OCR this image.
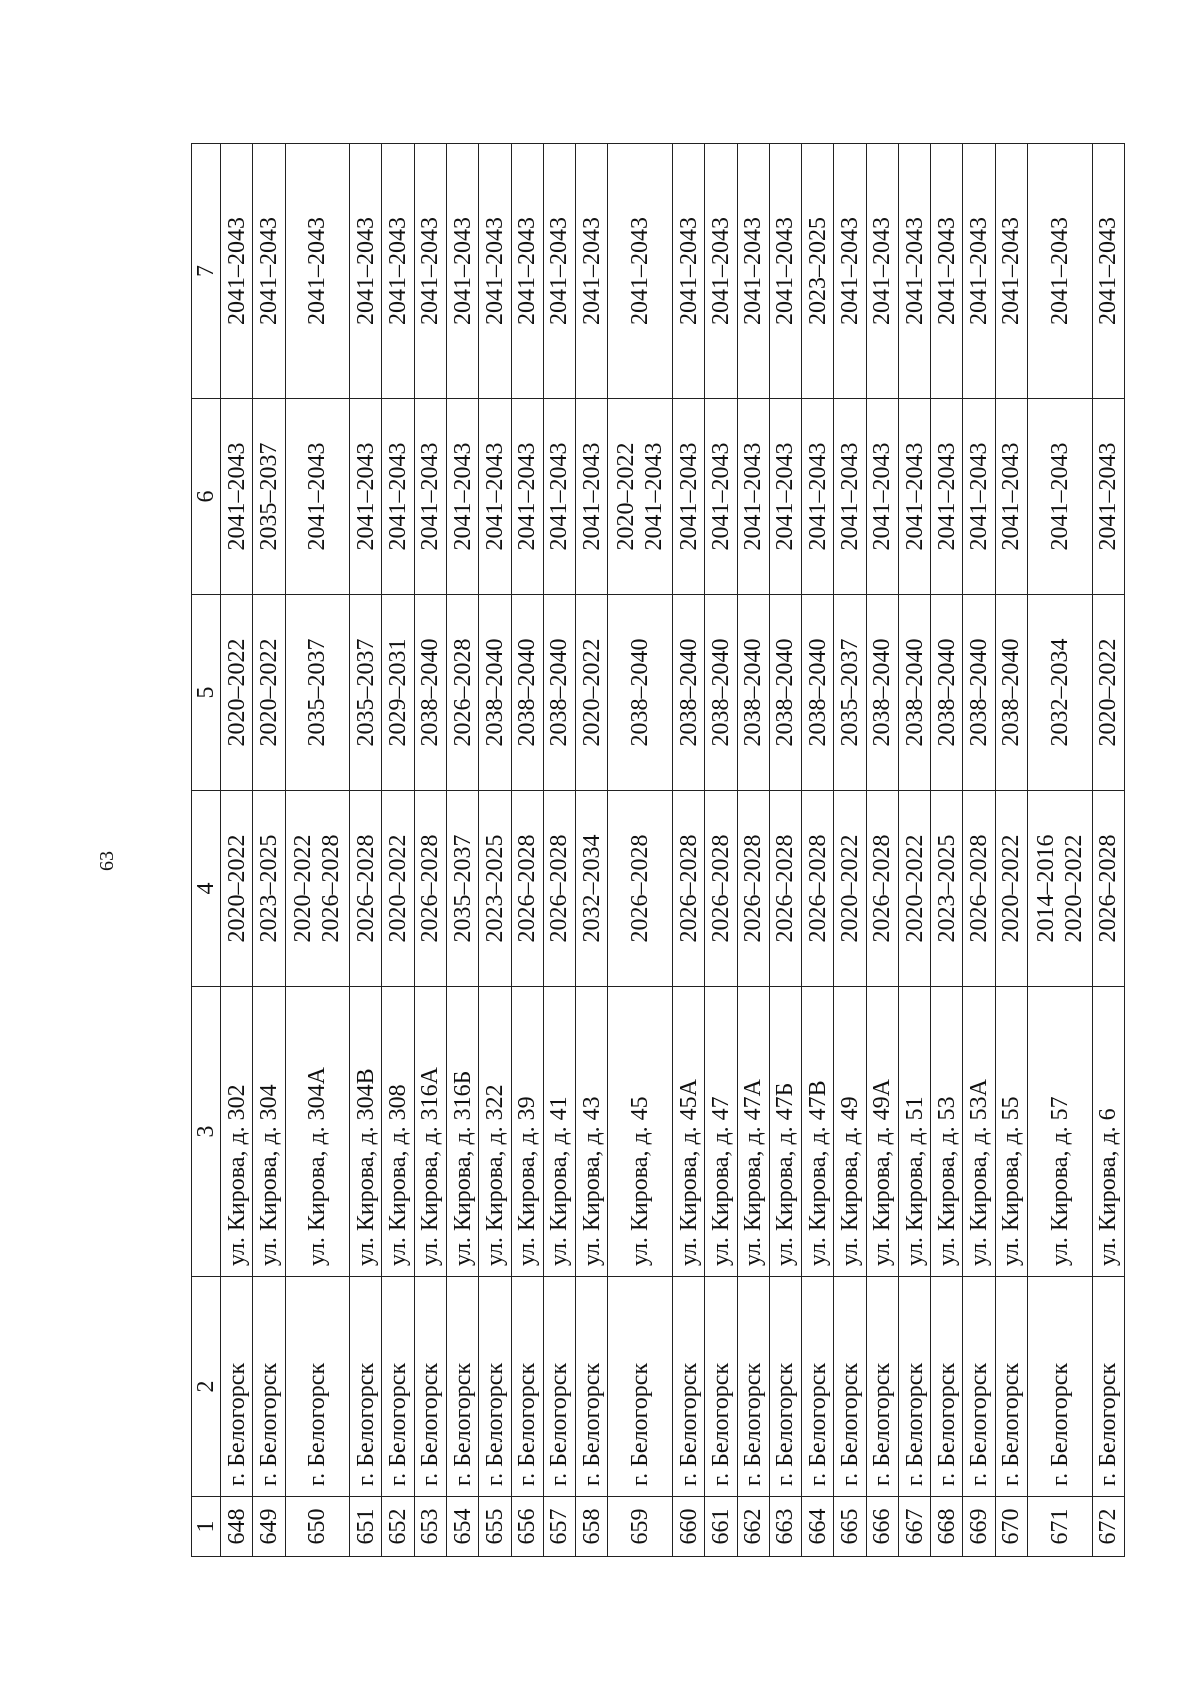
63
1	2	3	4	5	6	7
648	г. Белогорск	ул. Кирова, д. 302	2020–2022	2020–2022	2041–2043	2041–2043
649	г. Белогорск	ул. Кирова, д. 304	2023–2025	2020–2022	2035–2037	2041–2043
650	г. Белогорск	ул. Кирова, д. 304А	2020–2022 2026–2028	2035–2037	2041–2043	2041–2043
651	г. Белогорск	ул. Кирова, д. 304В	2026–2028	2035–2037	2041–2043	2041–2043
652	г. Белогорск	ул. Кирова, д. 308	2020–2022	2029–2031	2041–2043	2041–2043
653	г. Белогорск	ул. Кирова, д. 316А	2026–2028	2038–2040	2041–2043	2041–2043
654	г. Белогорск	ул. Кирова, д. 316Б	2035–2037	2026–2028	2041–2043	2041–2043
655	г. Белогорск	ул. Кирова, д. 322	2023–2025	2038–2040	2041–2043	2041–2043
656	г. Белогорск	ул. Кирова, д. 39	2026–2028	2038–2040	2041–2043	2041–2043
657	г. Белогорск	ул. Кирова, д. 41	2026–2028	2038–2040	2041–2043	2041–2043
658	г. Белогорск	ул. Кирова, д. 43	2032–2034	2020–2022	2041–2043	2041–2043
659	г. Белогорск	ул. Кирова, д. 45	2026–2028	2038–2040	2020–2022 2041–2043	2041–2043
660	г. Белогорск	ул. Кирова, д. 45А	2026–2028	2038–2040	2041–2043	2041–2043
661	г. Белогорск	ул. Кирова, д. 47	2026–2028	2038–2040	2041–2043	2041–2043
662	г. Белогорск	ул. Кирова, д. 47А	2026–2028	2038–2040	2041–2043	2041–2043
663	г. Белогорск	ул. Кирова, д. 47Б	2026–2028	2038–2040	2041–2043	2041–2043
664	г. Белогорск	ул. Кирова, д. 47В	2026–2028	2038–2040	2041–2043	2023–2025
665	г. Белогорск	ул. Кирова, д. 49	2020–2022	2035–2037	2041–2043	2041–2043
666	г. Белогорск	ул. Кирова, д. 49А	2026–2028	2038–2040	2041–2043	2041–2043
667	г. Белогорск	ул. Кирова, д. 51	2020–2022	2038–2040	2041–2043	2041–2043
668	г. Белогорск	ул. Кирова, д. 53	2023–2025	2038–2040	2041–2043	2041–2043
669	г. Белогорск	ул. Кирова, д. 53А	2026–2028	2038–2040	2041–2043	2041–2043
670	г. Белогорск	ул. Кирова, д. 55	2020–2022	2038–2040	2041–2043	2041–2043
671	г. Белогорск	ул. Кирова, д. 57	2014–2016 2020–2022	2032–2034	2041–2043	2041–2043
672	г. Белогорск	ул. Кирова, д. 6	2026–2028	2020–2022	2041–2043	2041–2043
